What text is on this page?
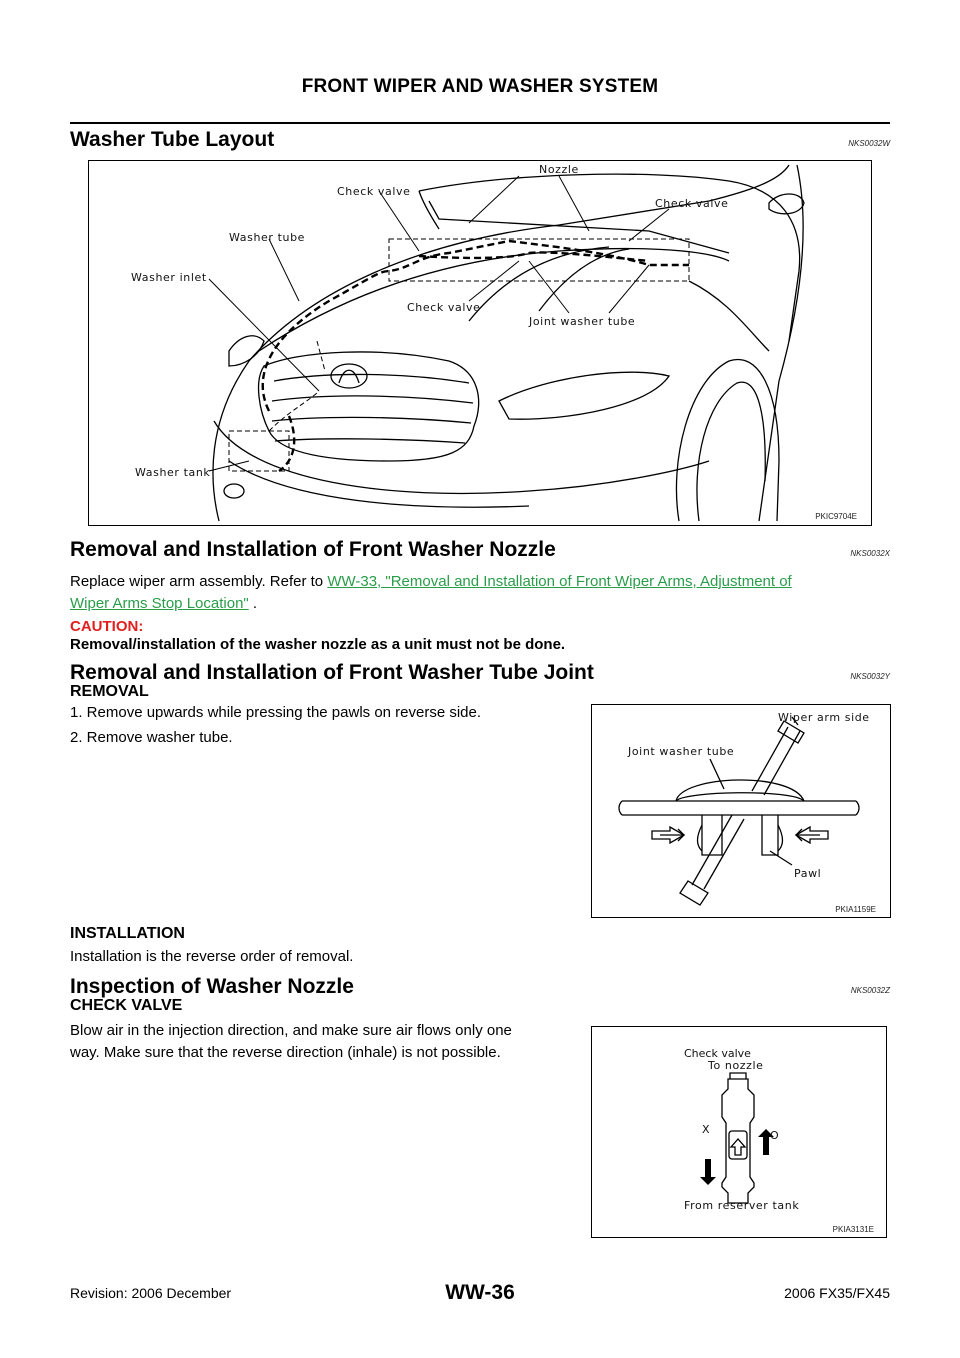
FRONT WIPER AND WASHER SYSTEM
Washer Tube Layout	NKS0032W
Nozzle
Check valve
Check valve
Washer tube
Washer inlet
Check valve
Joint washer tube
Washer tank
PKIC9704E
Removal and Installation of Front Washer Nozzle	NKS0032X
Replace wiper arm assembly. Refer to WW-33, "Removal and Installation of Front Wiper Arms, Adjustment of
Wiper Arms Stop Location" .
CAUTION:
Removal/installation of the washer nozzle as a unit must not be done.
Removal and Installation of Front Washer Tube Joint	NKS0032Y
REMOVAL
1. Remove upwards while pressing the pawls on reverse side.
2. Remove washer tube.
Wiper arm side
Joint washer tube
Pawl
PKIA1159E
INSTALLATION
Installation is the reverse order of removal.
Inspection of Washer Nozzle	NKS0032Z
CHECK VALVE
Blow air in the injection direction, and make sure air flows only one
way. Make sure that the reverse direction (inhale) is not possible.	Check valve
To nozzle
X	O
From reserver tank
PKIA3131E
Revision: 2006 December	WW-36	2006 FX35/FX45
